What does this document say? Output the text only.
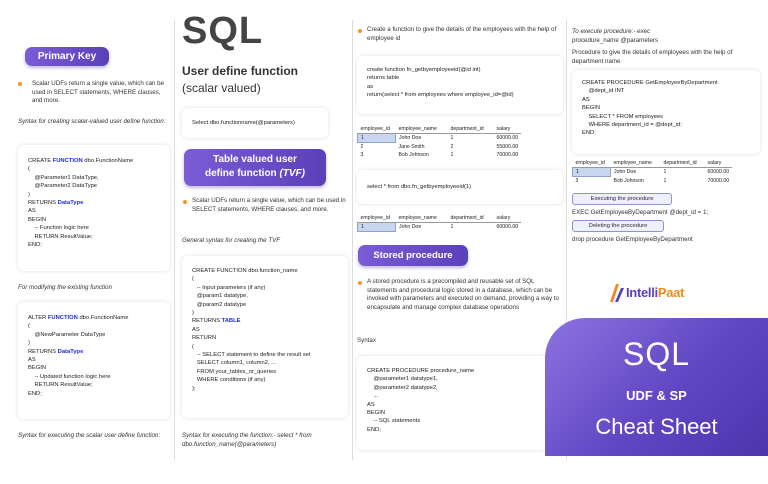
Primary Key
Scalar UDFs return a single value, which can be used in SELECT statements, WHERE clauses, and more.
Syntax for creating scalar-valued user define function:
CREATE FUNCTION dbo.FunctionName
(
@Parameter1 DataType,
@Parameter2 DataType
)
RETURNS DataType
AS
BEGIN
-- Function logic here
RETURN ResultValue;
END;
For modifying the existing function
ALTER FUNCTION dbo.FunctionName
(
@NewParameter DataType
)
RETURNS DataType
AS
BEGIN
-- Updated function logic here
RETURN ResultValue;
END;
Syntax for executing the scalar user define function:
SQL
User define function
(scalar valued)
Select dbo.functionname(@parameters)
Table valued user
define function (TVF)
Scalar UDFs return a single value, which can be used in SELECT statements, WHERE clauses, and more.
General syntax for creating the TVF
CREATE FUNCTION dbo.function_name
(
-- Input parameters (if any)
@param1 datatype,
@param2 datatype
)
RETURNS TABLE
AS
RETURN
(
-- SELECT statement to define the result set
SELECT column1, column2, ...
FROM your_tables_or_queries
WHERE conditions (if any)
);
Syntax for executing the function:- select * from dbo.function_name(@parameters)
Create a function to give the details of the employees with the help of employee id
create function fn_getbyemployeeid(@id int)
returns table
as
return(select * from employees where employee_id=@id)
employee_id	employee_name	department_id	salary
1	John Doe	1	60000.00
2	Jane Smith	2	55000.00
3	Bob Johnson	1	70000.00
select * from dbo.fn_getbyemployeeid(1)
employee_id	employee_name	department_id	salary
1	John Doe	1	60000.00
Stored procedure
A stored procedure is a precompiled and reusable set of SQL statements and procedural logic stored in a database, which can be invoked with parameters and executed on demand, providing a way to encapsulate and manage complex database operations
Syntax
CREATE PROCEDURE procedure_name
@parameter1 datatype1,
@parameter2 datatype2,
...
AS
BEGIN
-- SQL statements
END;
To execute procedure:- exec
procedure_name @parameters
Procedure to give the details of employees with the help of department name
CREATE PROCEDURE GetEmployeeByDepartment
@dept_id INT
AS
BEGIN
SELECT * FROM employees
WHERE department_id = @dept_id;
END;
employee_id	employee_name	department_id	salary
1	John Doe	1	60000.00
3	Bob Johnson	1	70000.00
Executing the procedure
EXEC GetEmployeeByDepartment @dept_id = 1;
Deleting the procedure
drop procedure GetEmployeeByDepartment
IntelliPaat
SQL
UDF & SP
Cheat Sheet
